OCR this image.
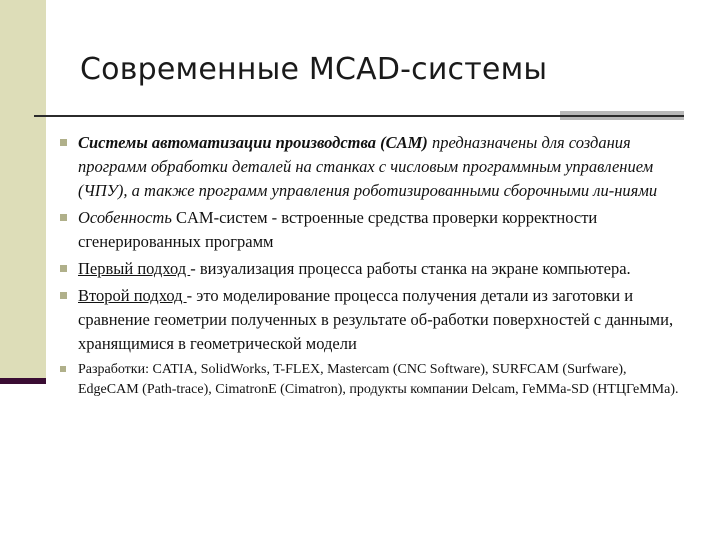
Современные MCAD-системы
Системы автоматизации производства (CAM) предназначены для создания программ обработки деталей на станках с числовым программным управлением (ЧПУ), а также программ управления роботизированными сборочными ли-ниями
Особенность CAM-систем - встроенные средства проверки корректности сгенерированных программ
Первый подход - визуализация процесса работы станка на экране компьютера.
Второй подход - это моделирование процесса получения детали из заготовки и сравнение геометрии полученных в результате об-работки поверхностей с данными, хранящимися в геометрической модели
Разработки: CATIA, SolidWorks, T-FLEX, Mastercam (CNC Software), SURFCAM (Surfware), EdgeCAM (Path-trace), CimatronE (Cimatron), продукты компании Delcam, ГеММа-SD (НТЦГеММа).
